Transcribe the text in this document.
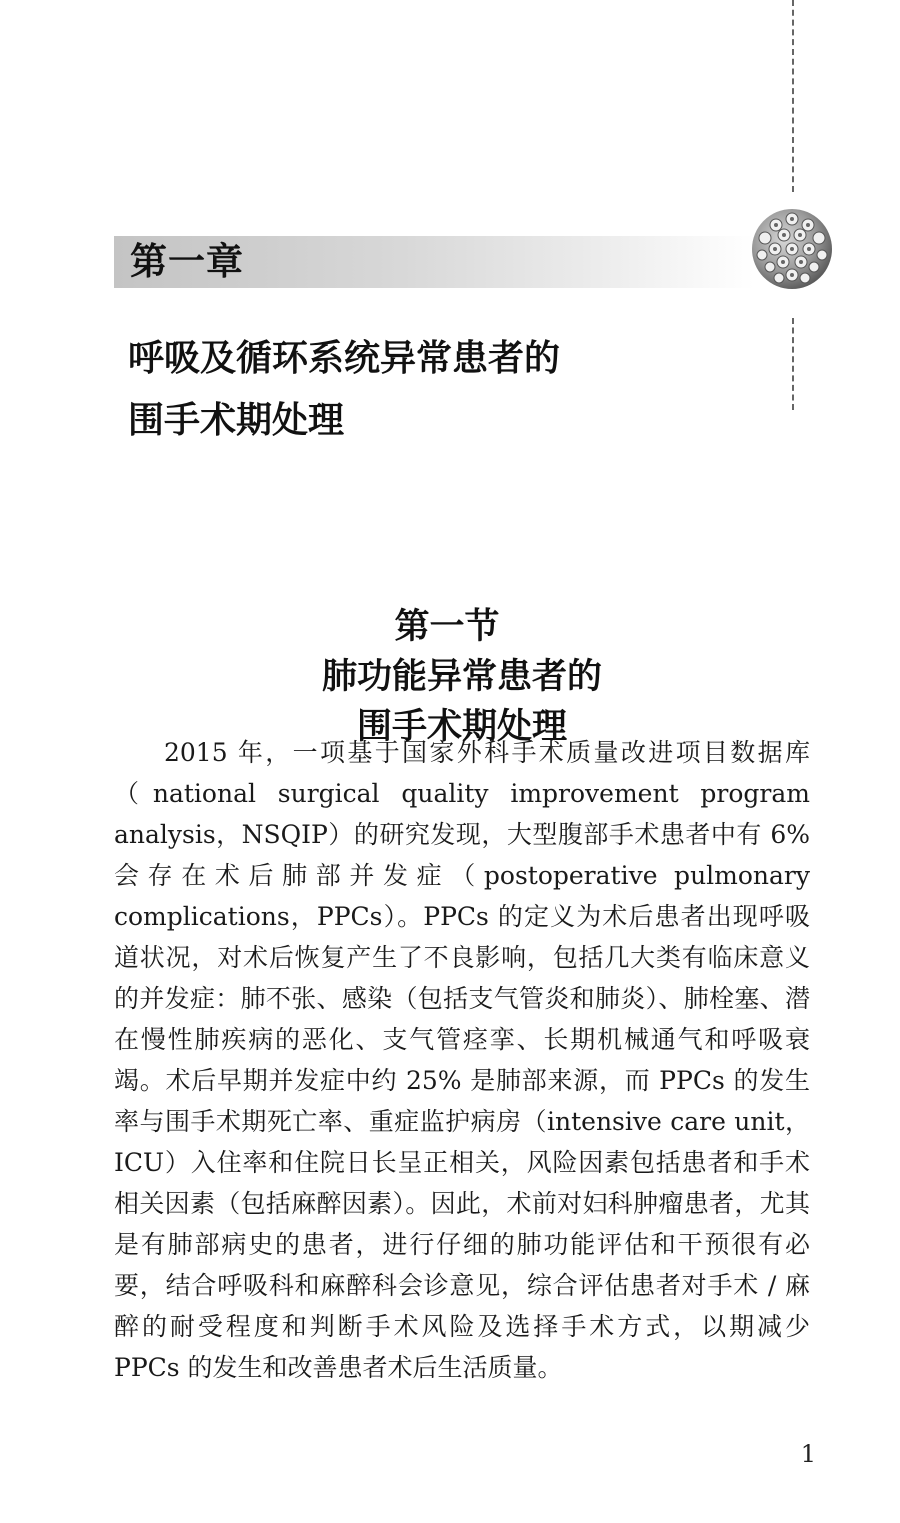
第一章
呼吸及循环系统异常患者的
围手术期处理
第一节
肺功能异常患者的
围手术期处理

2015 年，一项基于国家外科手术质量改进项目数据库（national surgical quality improvement program analysis，NSQIP）的研究发现，大型腹部手术患者中有 6% 会存在术后肺部并发症（postoperative pulmonary complications，PPCs）。PPCs 的定义为术后患者出现呼吸道状况，对术后恢复产生了不良影响，包括几大类有临床意义的并发症：肺不张、感染（包括支气管炎和肺炎）、肺栓塞、潜在慢性肺疾病的恶化、支气管痉挛、长期机械通气和呼吸衰竭。术后早期并发症中约 25% 是肺部来源，而 PPCs 的发生率与围手术期死亡率、重症监护病房（intensive care unit，ICU）入住率和住院日长呈正相关，风险因素包括患者和手术相关因素（包括麻醉因素）。因此，术前对妇科肿瘤患者，尤其是有肺部病史的患者，进行仔细的肺功能评估和干预很有必要，结合呼吸科和麻醉科会诊意见，综合评估患者对手术 / 麻醉的耐受程度和判断手术风险及选择手术方式，以期减少 PPCs 的发生和改善患者术后生活质量。

1
